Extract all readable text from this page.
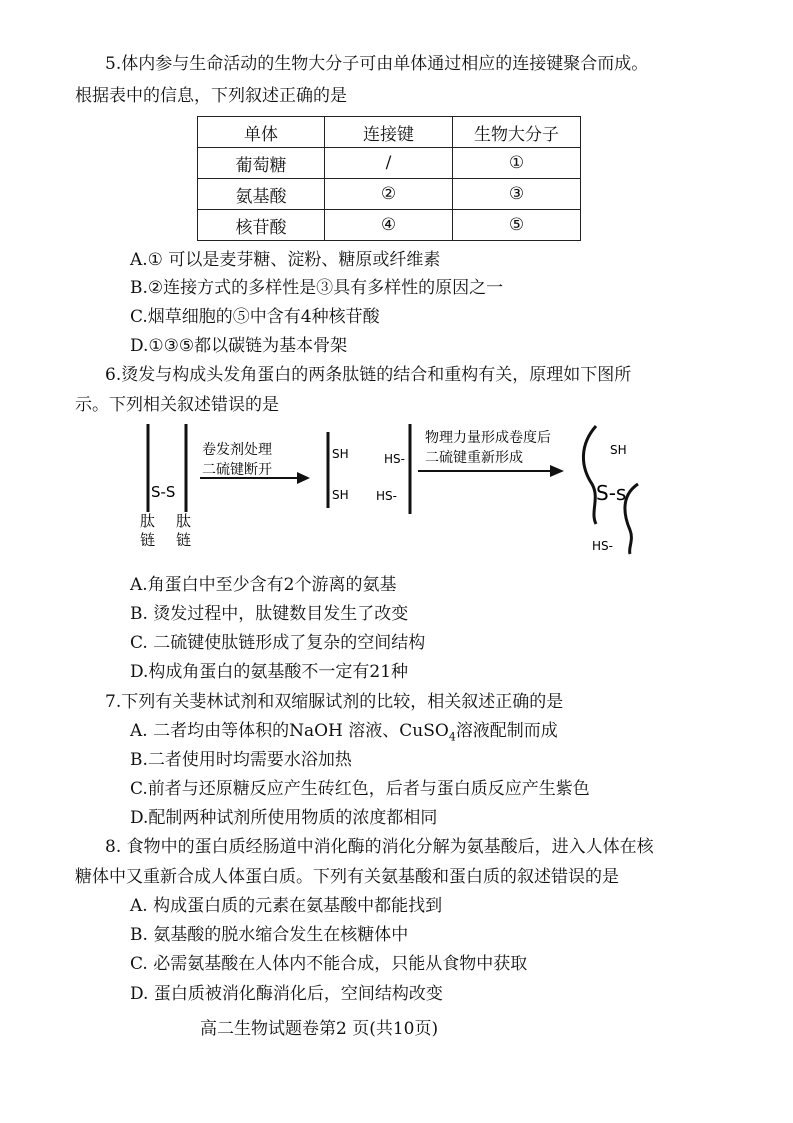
5.体内参与生命活动的生物大分子可由单体通过相应的连接键聚合而成。
根据表中的信息，下列叙述正确的是
单体	连接键	生物大分子
葡萄糖	/	①
氨基酸	②	③
核苷酸	④	⑤
A.① 可以是麦芽糖、淀粉、糖原或纤维素
B.②连接方式的多样性是③具有多样性的原因之一
C.烟草细胞的⑤中含有4种核苷酸
D.①③⑤都以碳链为基本骨架
6.烫发与构成头发角蛋白的两条肽链的结合和重构有关，原理如下图所
示。下列相关叙述错误的是
S-S
肽
链
肽
链
卷发剂处理
二硫键断开
SH
SH
HS-
HS-
物理力量形成卷度后
二硫键重新形成	SH
S-s
HS-
A.角蛋白中至少含有2个游离的氨基
B. 烫发过程中，肽键数目发生了改变
C. 二硫键使肽链形成了复杂的空间结构
D.构成角蛋白的氨基酸不一定有21种
7.下列有关斐林试剂和双缩脲试剂的比较，相关叙述正确的是
A. 二者均由等体积的NaOH 溶液、CuSO$_4$溶液配制而成
B.二者使用时均需要水浴加热
C.前者与还原糖反应产生砖红色，后者与蛋白质反应产生紫色
D.配制两种试剂所使用物质的浓度都相同
8. 食物中的蛋白质经肠道中消化酶的消化分解为氨基酸后，进入人体在核
糖体中又重新合成人体蛋白质。下列有关氨基酸和蛋白质的叙述错误的是
A. 构成蛋白质的元素在氨基酸中都能找到
B. 氨基酸的脱水缩合发生在核糖体中
C. 必需氨基酸在人体内不能合成，只能从食物中获取
D. 蛋白质被消化酶消化后，空间结构改变
高二生物试题卷第2 页(共10页)
